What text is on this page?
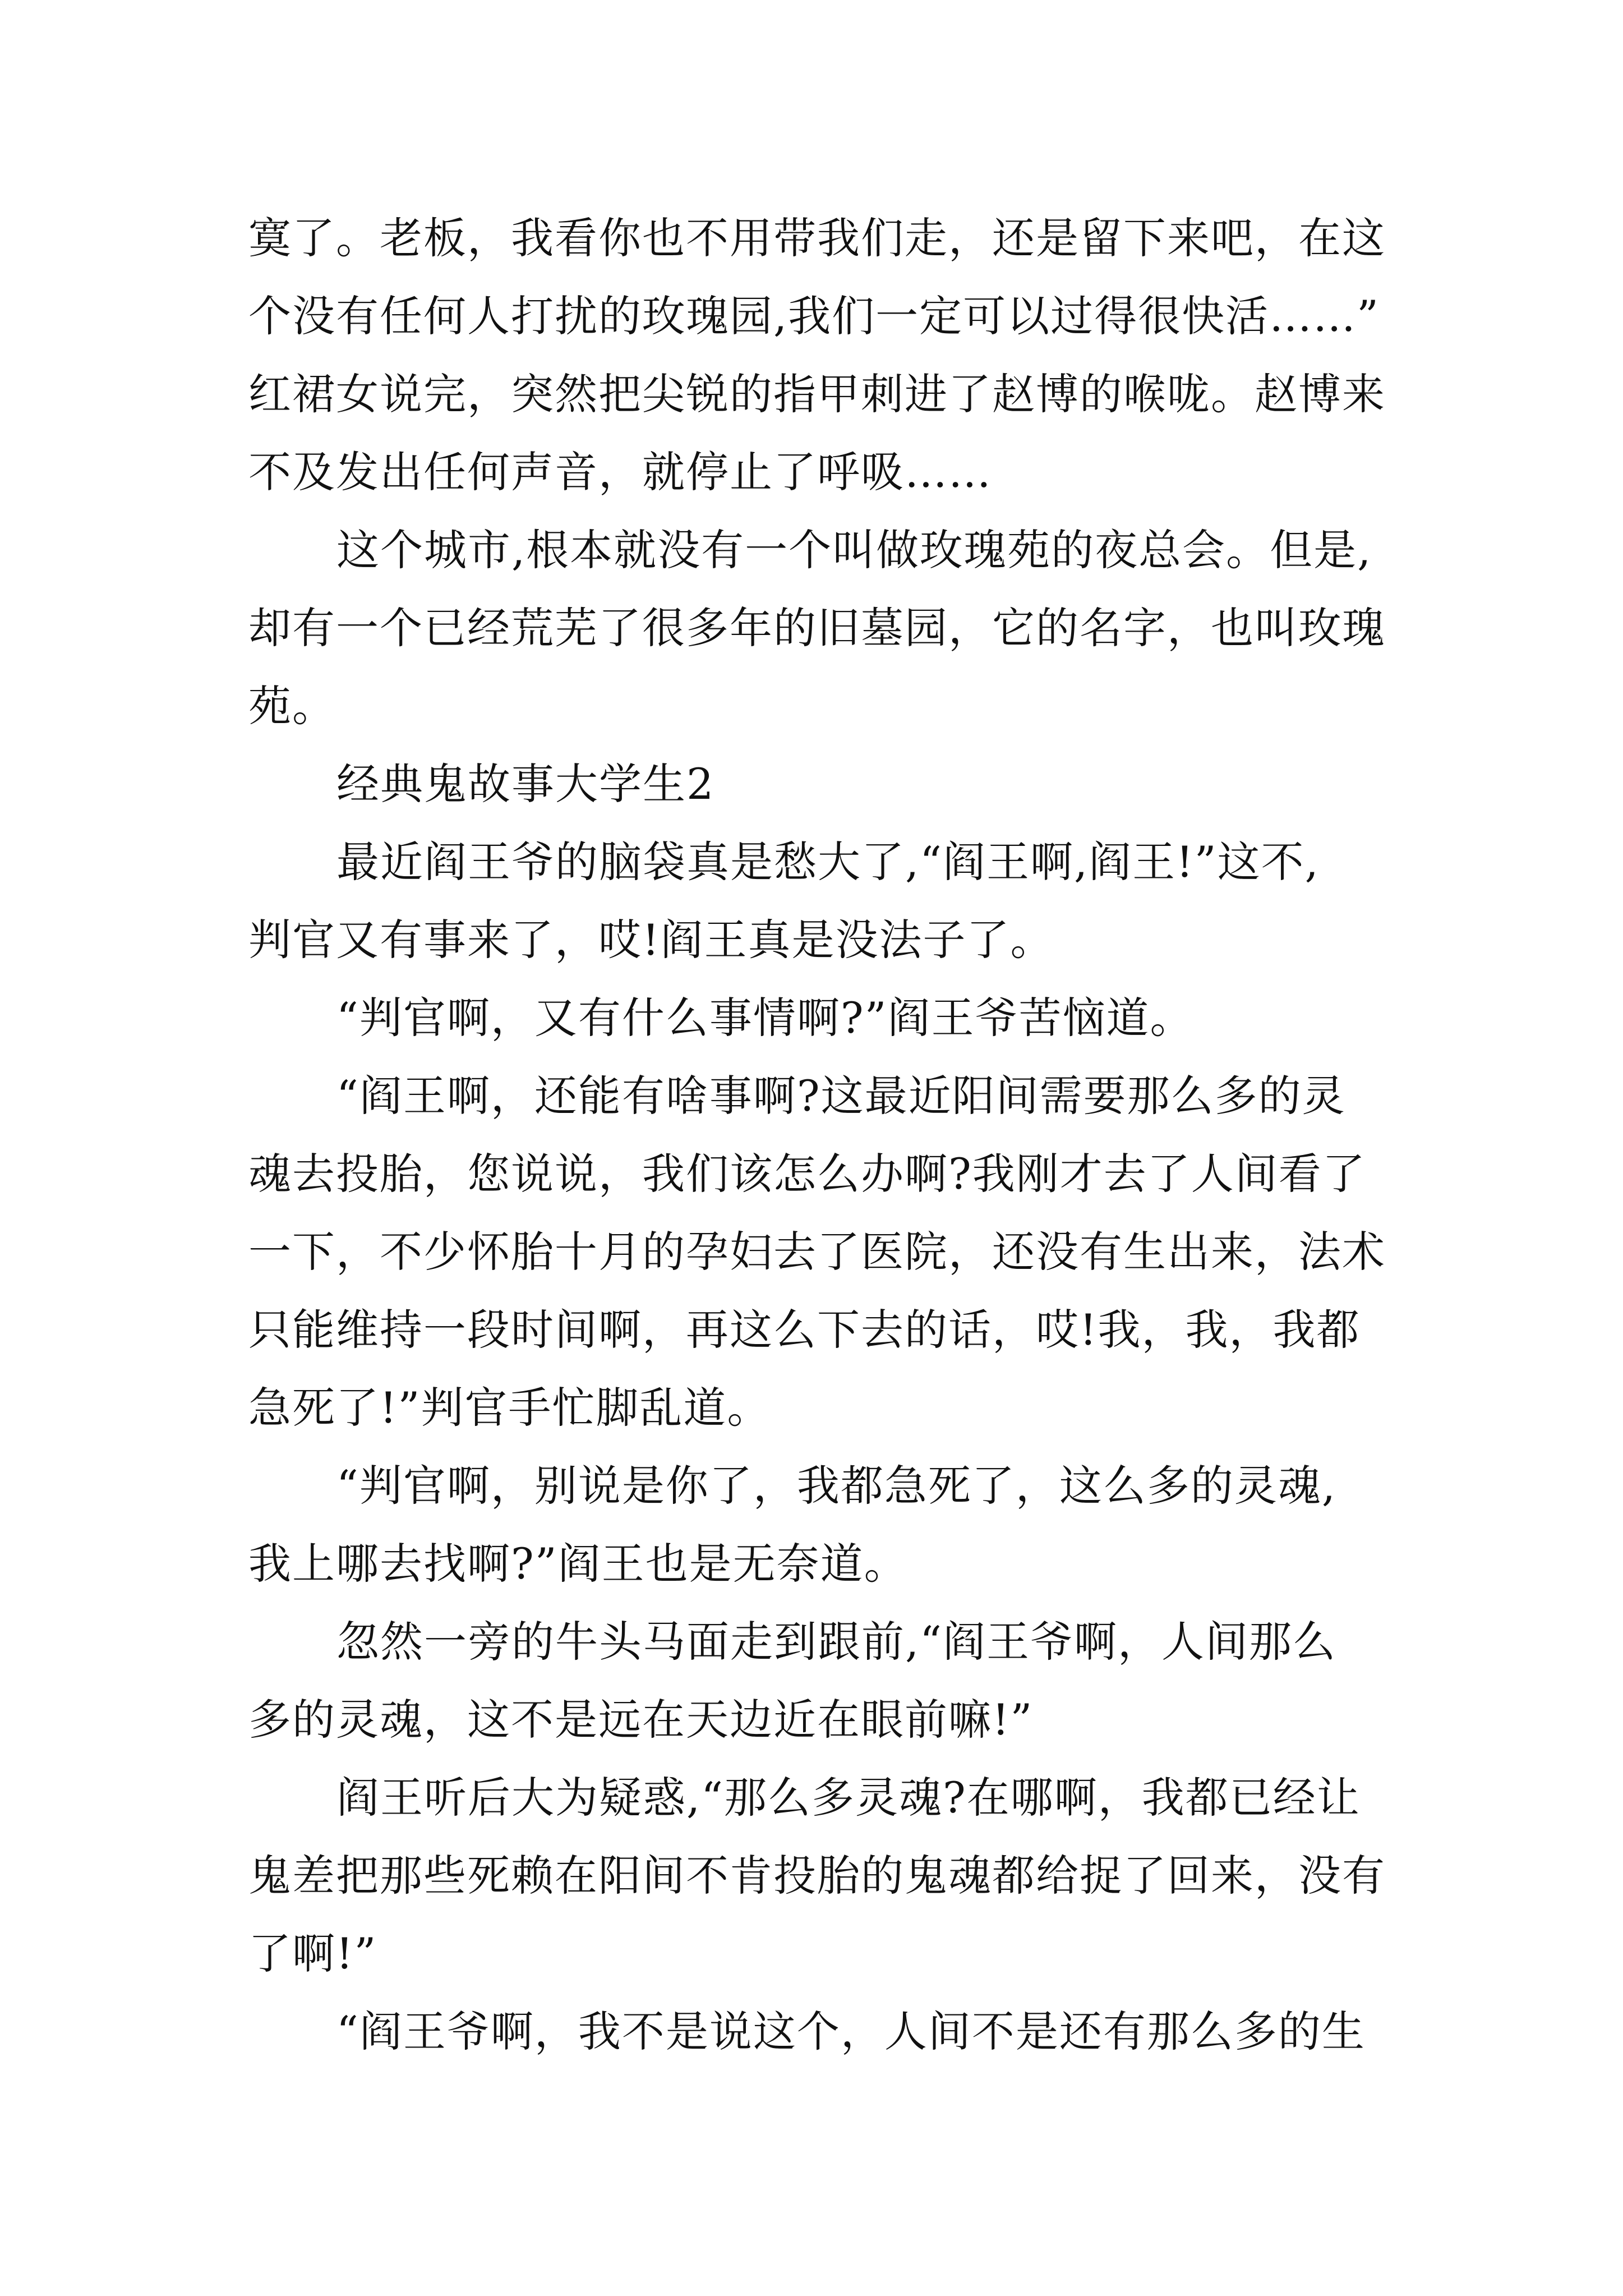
寞了。老板，我看你也不用带我们走，还是留下来吧，在这

个没有任何人打扰的玫瑰园,我们一定可以过得很快活……”

红裙女说完，突然把尖锐的指甲刺进了赵博的喉咙。赵博来

不及发出任何声音，就停止了呼吸……

这个城市,根本就没有一个叫做玫瑰苑的夜总会。但是,

却有一个已经荒芜了很多年的旧墓园，它的名字，也叫玫瑰

苑。

经典鬼故事大学生2

最近阎王爷的脑袋真是愁大了,“阎王啊,阎王!”这不,

判官又有事来了，哎!阎王真是没法子了。

“判官啊，又有什么事情啊?”阎王爷苦恼道。

“阎王啊，还能有啥事啊?这最近阳间需要那么多的灵

魂去投胎，您说说，我们该怎么办啊?我刚才去了人间看了

一下，不少怀胎十月的孕妇去了医院，还没有生出来，法术

只能维持一段时间啊，再这么下去的话，哎!我，我，我都

急死了!”判官手忙脚乱道。

“判官啊，别说是你了，我都急死了，这么多的灵魂,

我上哪去找啊?”阎王也是无奈道。

忽然一旁的牛头马面走到跟前,“阎王爷啊，人间那么

多的灵魂，这不是远在天边近在眼前嘛!”

阎王听后大为疑惑,“那么多灵魂?在哪啊，我都已经让

鬼差把那些死赖在阳间不肯投胎的鬼魂都给捉了回来，没有

了啊!”

“阎王爷啊，我不是说这个，人间不是还有那么多的生
